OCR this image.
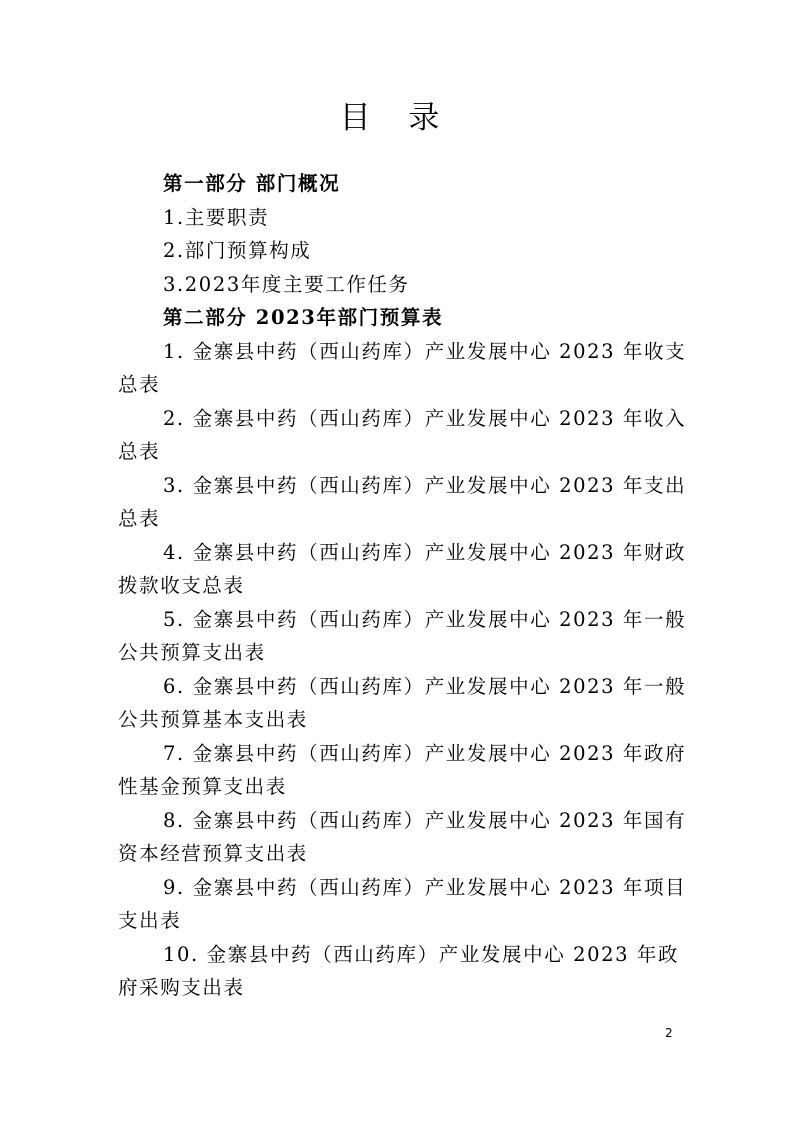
目 录
第一部分 部门概况
1.主要职责
2.部门预算构成
3.2023年度主要工作任务
第二部分 2023年部门预算表
1. 金寨县中药（西山药库）产业发展中心 2023 年收支
总表
2. 金寨县中药（西山药库）产业发展中心 2023 年收入
总表
3. 金寨县中药（西山药库）产业发展中心 2023 年支出
总表
4. 金寨县中药（西山药库）产业发展中心 2023 年财政
拨款收支总表
5. 金寨县中药（西山药库）产业发展中心 2023 年一般
公共预算支出表
6. 金寨县中药（西山药库）产业发展中心 2023 年一般
公共预算基本支出表
7. 金寨县中药（西山药库）产业发展中心 2023 年政府
性基金预算支出表
8. 金寨县中药（西山药库）产业发展中心 2023 年国有
资本经营预算支出表
9. 金寨县中药（西山药库）产业发展中心 2023 年项目
支出表
10. 金寨县中药（西山药库）产业发展中心 2023 年政
府采购支出表
2
